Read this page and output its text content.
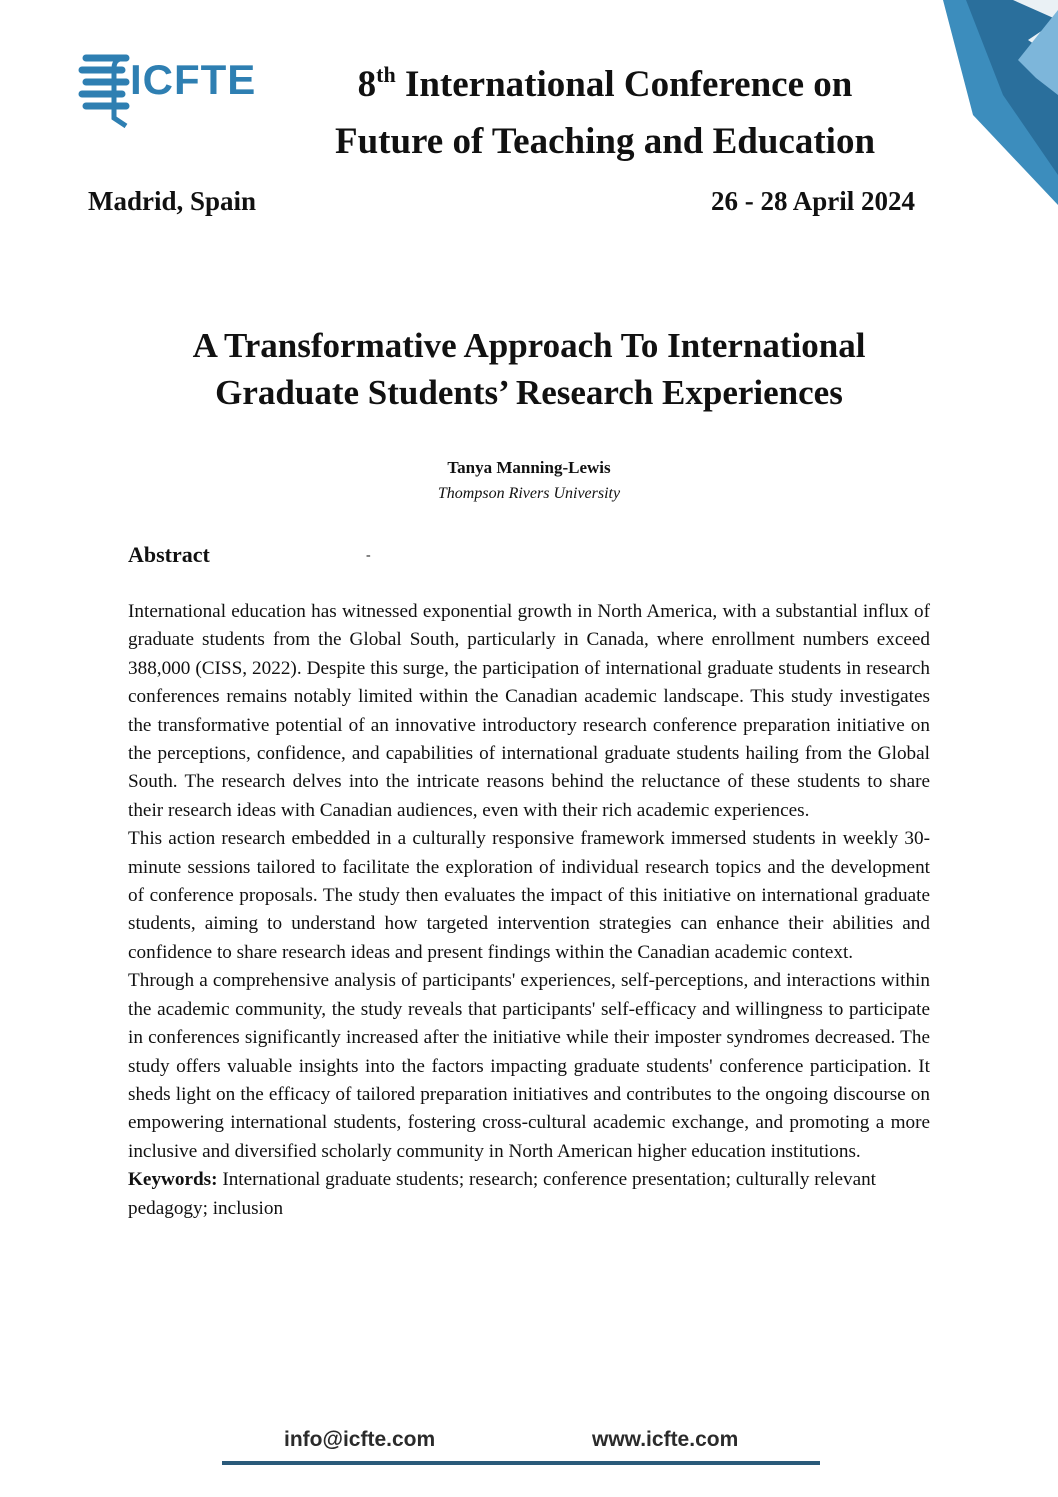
ICFTE	8th International Conference on
Future of Teaching and Education
Madrid, Spain	26 - 28 April 2024
A Transformative Approach To International
Graduate Students’ Research Experiences
Tanya Manning-Lewis
Thompson Rivers University
Abstract	-

International education has witnessed exponential growth in North America, with a substantial influx of graduate students from the Global South, particularly in Canada, where enrollment numbers exceed 388,000 (CISS, 2022). Despite this surge, the participation of international graduate students in research conferences remains notably limited within the Canadian academic landscape. This study investigates the transformative potential of an innovative introductory research conference preparation initiative on the perceptions, confidence, and capabilities of international graduate students hailing from the Global South. The research delves into the intricate reasons behind the reluctance of these students to share their research ideas with Canadian audiences, even with their rich academic experiences.

This action research embedded in a culturally responsive framework immersed students in weekly 30-minute sessions tailored to facilitate the exploration of individual research topics and the development of conference proposals. The study then evaluates the impact of this initiative on international graduate students, aiming to understand how targeted intervention strategies can enhance their abilities and confidence to share research ideas and present findings within the Canadian academic context.

Through a comprehensive analysis of participants' experiences, self-perceptions, and interactions within the academic community, the study reveals that participants' self-efficacy and willingness to participate in conferences significantly increased after the initiative while their imposter syndromes decreased. The study offers valuable insights into the factors impacting graduate students' conference participation. It sheds light on the efficacy of tailored preparation initiatives and contributes to the ongoing discourse on empowering international students, fostering cross-cultural academic exchange, and promoting a more inclusive and diversified scholarly community in North American higher education institutions.

Keywords: International graduate students; research; conference presentation; culturally relevant pedagogy; inclusion

info@icfte.com	www.icfte.com
